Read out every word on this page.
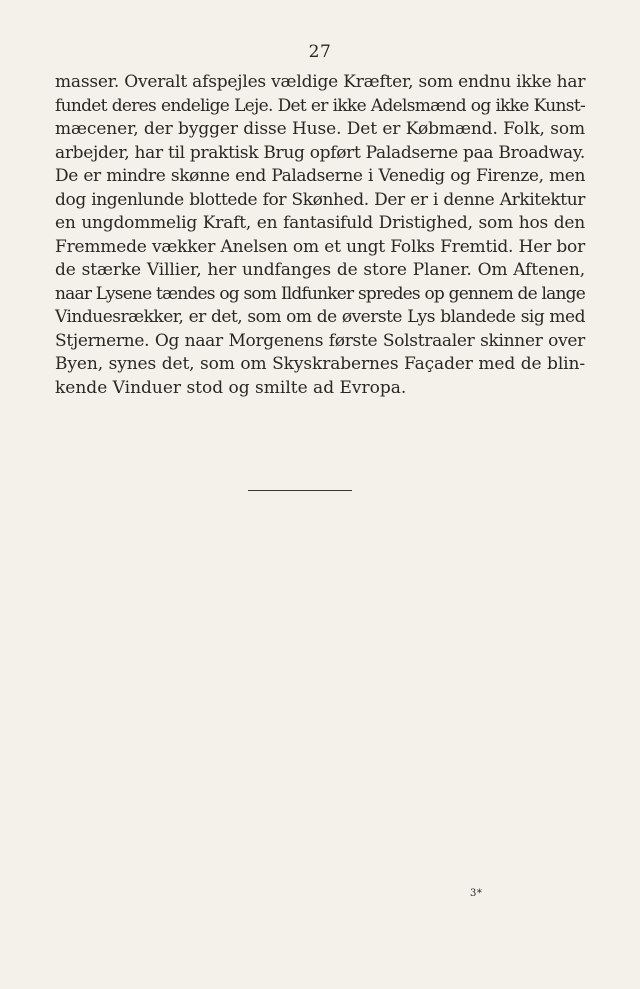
27
masser. Overalt afspejles vældige Kræfter, som endnu ikke har
fundet deres endelige Leje. Det er ikke Adelsmænd og ikke Kunst-
mæcener, der bygger disse Huse. Det er Købmænd. Folk, som
arbejder, har til praktisk Brug opført Paladserne paa Broadway.
De er mindre skønne end Paladserne i Venedig og Firenze, men
dog ingenlunde blottede for Skønhed. Der er i denne Arkitektur
en ungdommelig Kraft, en fantasifuld Dristighed, som hos den
Fremmede vækker Anelsen om et ungt Folks Fremtid. Her bor
de stærke Villier, her undfanges de store Planer. Om Aftenen,
naar Lysene tændes og som Ildfunker spredes op gennem de lange
Vinduesrækker, er det, som om de øverste Lys blandede sig med
Stjernerne. Og naar Morgenens første Solstraaler skinner over
Byen, synes det, som om Skyskrabernes Façader med de blin-
kende Vinduer stod og smilte ad Evropa.
3*
